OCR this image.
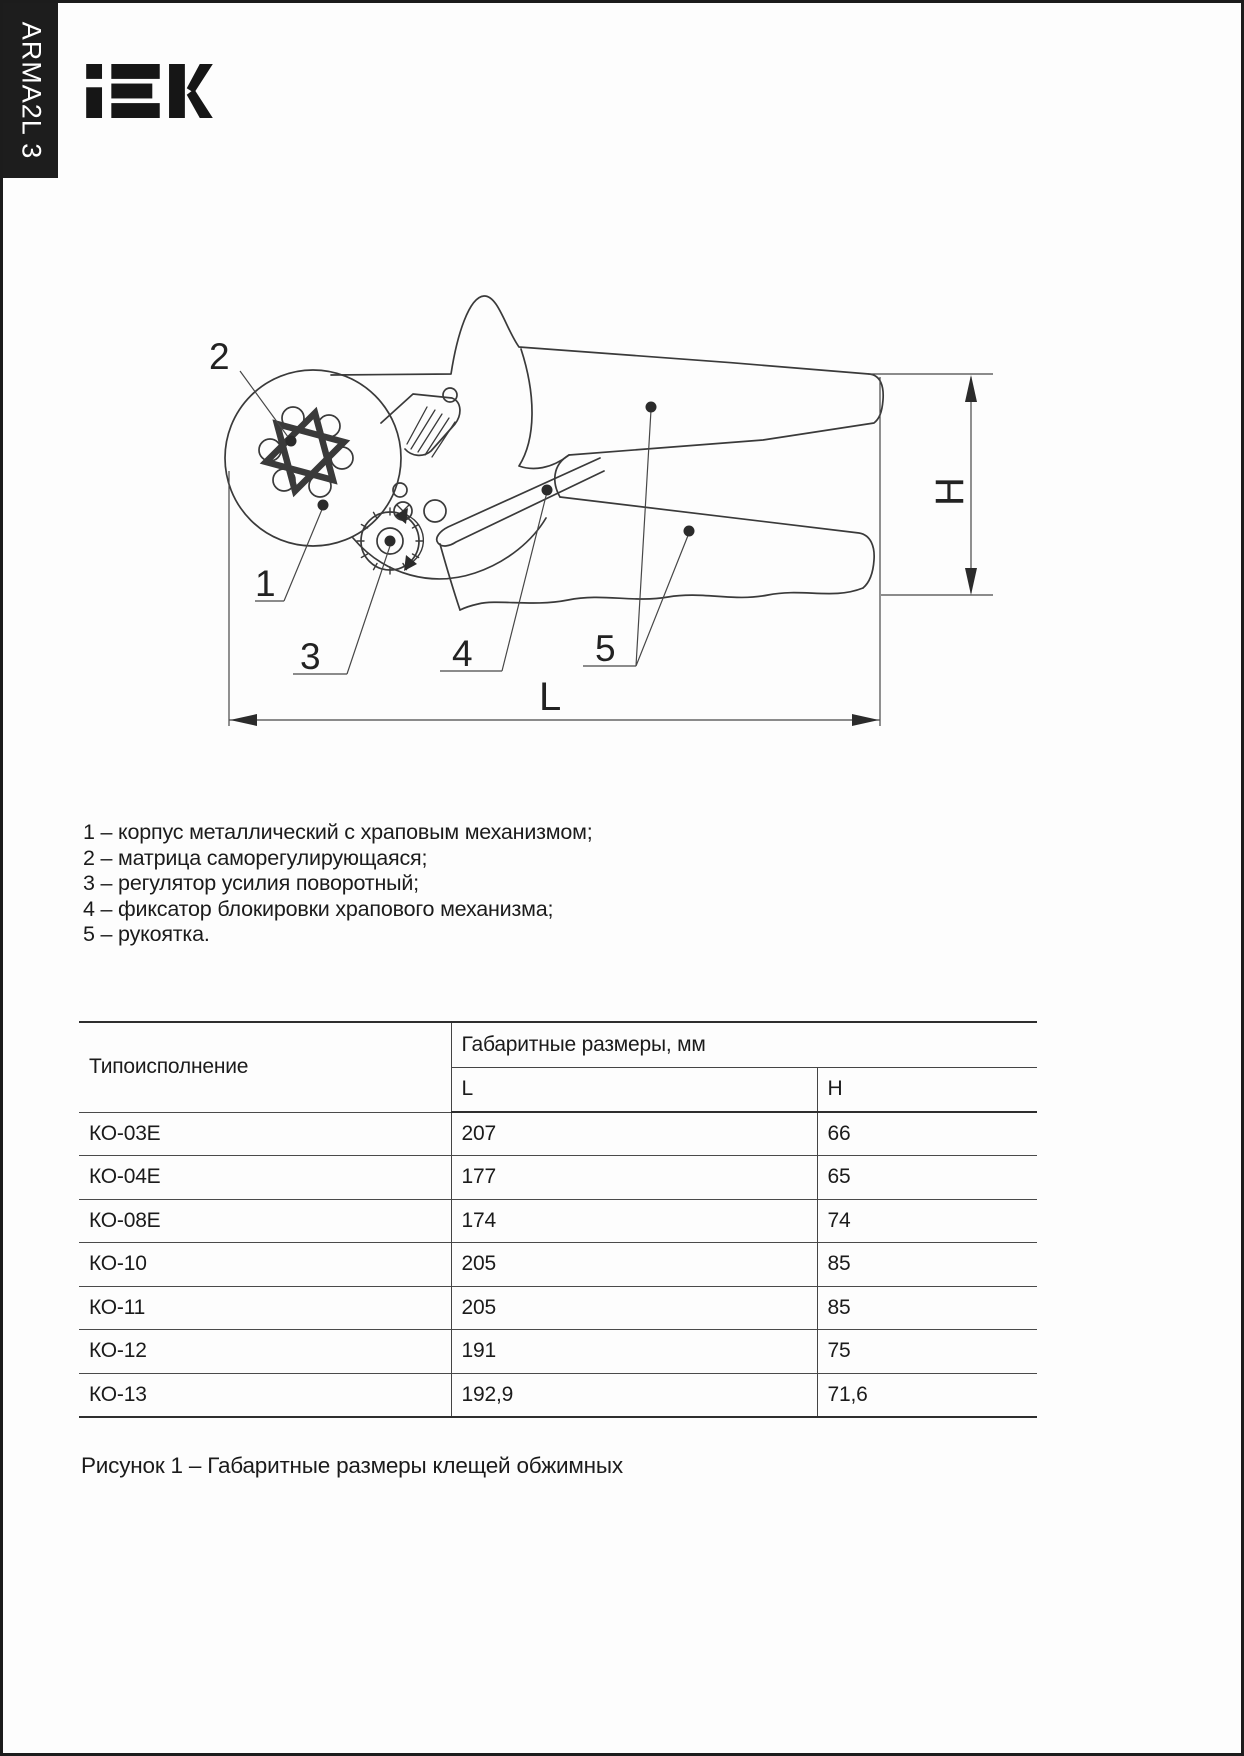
ARMA2L 3
2
1
3	4	5
L
H
1 – корпус металлический с храповым механизмом;
2 – матрица саморегулирующаяся;
3 – регулятор усилия поворотный;
4 – фиксатор блокировки храпового механизма;
5 – рукоятка.
Типоисполнение	Габаритные размеры, мм	
	L	H
КО-03Е	207	66
КО-04Е	177	65
КО-08Е	174	74
КО-10	205	85
КО-11	205	85
КО-12	191	75
КО-13	192,9	71,6
Рисунок 1 – Габаритные размеры клещей обжимных
